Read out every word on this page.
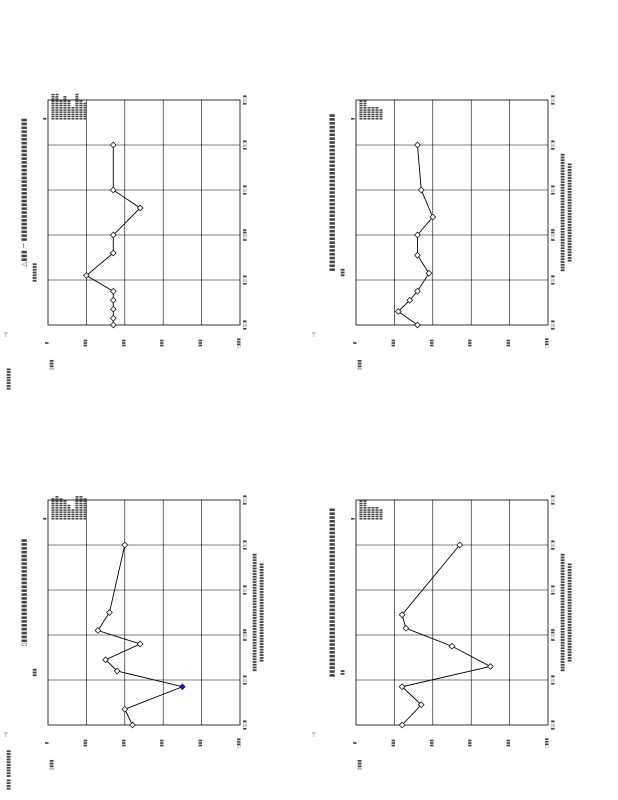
▮▮▮▮ ▮▮▮▮▮▮▮▮▮▮
▮▮▮▮▮▮▮▮
▯▮▮▮
▮▮▮
▮▮▮
▮▮▮
▮▮▮
▮
▯▮▮▮
▮▯▯▮
▮▯▯▮
▮▯▯▮▮
▮▯▯▮
▮▯▯▮
▮▯▯▮
△▮▮▮ ─ ▮▮▮▮▮▮▮▮▮▮▮▮▮▮▮▮▮▮▮▮▮▮▮▮▮▮▮▮▮▮▮▮
▮▮▮▮▮▮▮
⊣
▮ ▮▮▮▮▮▮▮▮▮▮▮▮ ▮▮▮▮▮▮▮▮▮▮▮▮ ▮▮▮▮▮▮▮▮▮ ▮▮▮▮▮▮▮▮▮▮▮ ▮▮▮▮▮▮▮▮▮ ▮▮▮▮▮▮ ▮▮▮▮▮▮▮▮▮▮▮▮ ▮▮▮▮▮▮▮▮▮ ▮▮▮▮▮▮▮▮
▯▮▮▮
▮▮▮
▮▮▮
▮▮▮
▮▮▮
▮
▯▮▮▮
▮▯▯▮
▮▯▯▮
▮▯▯▮▮
▮▯▯▮
▮▯▯▮
▮▯▯▮
▮▮▮▮▮▮▮▮▮▮▮▮▮▮▮▮▮▮▮▮▮▮▮▮▮▮▮▮▮▮▮▮▮▮▮▮▮▮▮▮▮▮▮ ▮▮▮▮▮▮▮▮▮▮▮▮▮▮▮▮▮▮▮▮▮▮▮▮▮▮▮▮▮▮▮▮▮▮▮▮
▮▮▮▮▮▮▮▮▮▮▮▮▮▮▮▮▮▮▮▮▮▮▮▮▮▮▮▮▮▮▮▮▮▮▮▮▮▮▮▮▮
▮▮▮
⊣
▮ ▮▮▮▮▮▮▮▮▮ ▮▮▮▮▮▮▮▮▮ ▮▮▮▮▮▮ ▮▮▮▮▮▮ ▮▮▮▮▮▮ ▮▮▮▮▮
▯▮▮▮
▮▮▮
▮▮▮
▮▮▮
▮▮▮
▮
▯▮▮▮
▮▯▯▮
▮▯▯▮
▮▯▯▮▮
▮▯▯▮
▮▯▯▮
▮▯▯▮
▮▮▮▮▮▮▮▮▮▮▮▮▮▮▮▮▮▮▮▮▮▮▮▮▮▮▮▮▮▮▮▮▮▮▮▮▮▮▮▮▮▮▮ ▮▮▮▮▮▮▮▮▮▮▮▮▮▮▮▮▮▮▮▮▮▮▮▮▮▮▮▮▮▮▮▮▮▮▮▮
▯▮▮▮▮▮▮▮▮▮▮▮▮▮▮▮▮▮▮▮▮▮▮▮▮▮▮▮
▮▮▮
⊣
▮ ▮▮▮▮▮▮▮▮▮▮ ▮▮▮▮▮▮▮▮▮▮▮ ▮▮▮▮▮▮▮▮▮▮ ▮▮▮▮▮▮▮▮▮ ▮▮▮▮▮▮▮ ▮▮▮▮▮ ▮▮▮▮▮▮▮▮▮▮▮ ▮▮▮▮▮▮▮▮▮▮▮ ▮▮▮▮▮▮▮▮▮▮
▯▮▮▮
▮▮▮
▮▮▮
▮▮▮
▮▮▮
▮
▯▮▮▮
▮▯▯▮
▮▯▯▮
▮▯▯▮▮
▮▯▯▮
▮▯▯▮
▮▯▯▮
▮▮▮▮▮▮▮▮▮▮▮▮▮▮▮▮▮▮▮▮▮▮▮▮▮▮▮▮▮▮▮▮▮▮▮▮▮▮▮▮▮▮▮ ▮▮▮▮▮▮▮▮▮▮▮▮▮▮▮▮▮▮▮▮▮▮▮▮▮▮▮▮▮▮▮▮▮▮▮▮
▮▮▮▮▮▮▮▮▮▮▮▮▮▮▮▮▮▮▮▮▮▮▮▮▮▮▮▮▮▮▮▮▮▮▮▮▮▮▮▮▮▮▮▮ ▮▮
⊣
▮ ▮▮▮▮▮▮▮▮▮ ▮▮▮▮▮▮▮▮▮ ▮▮▮▮▮▮ ▮▮▮▮▮▮ ▮▮▮▮▮▮ ▮▮▮▮▮
